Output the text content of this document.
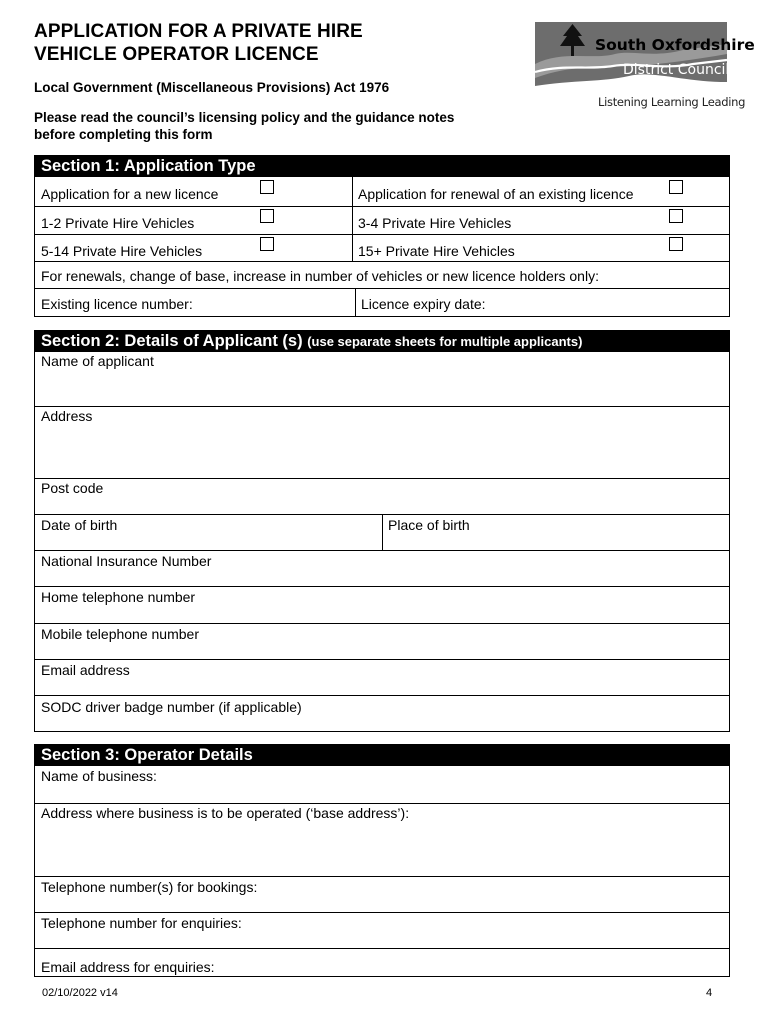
APPLICATION FOR A PRIVATE HIRE
VEHICLE OPERATOR LICENCE
Local Government (Miscellaneous Provisions) Act 1976
Please read the council’s licensing policy and the guidance notes
before completing this form
South Oxfordshire
District Council
Listening Learning Leading
Section 1: Application Type
Application for a new licence	Application for renewal of an existing licence
1-2 Private Hire Vehicles	3-4 Private Hire Vehicles
5-14 Private Hire Vehicles	15+ Private Hire Vehicles
For renewals, change of base, increase in number of vehicles or new licence holders only:
Existing licence number:	Licence expiry date:
Section 2: Details of Applicant (s) (use separate sheets for multiple applicants)
Name of applicant
Address
Post code
Date of birth	Place of birth
National Insurance Number
Home telephone number
Mobile telephone number
Email address
SODC driver badge number (if applicable)
Section 3: Operator Details
Name of business:
Address where business is to be operated (‘base address’):
Telephone number(s) for bookings:
Telephone number for enquiries:
Email address for enquiries:
02/10/2022 v14	4
